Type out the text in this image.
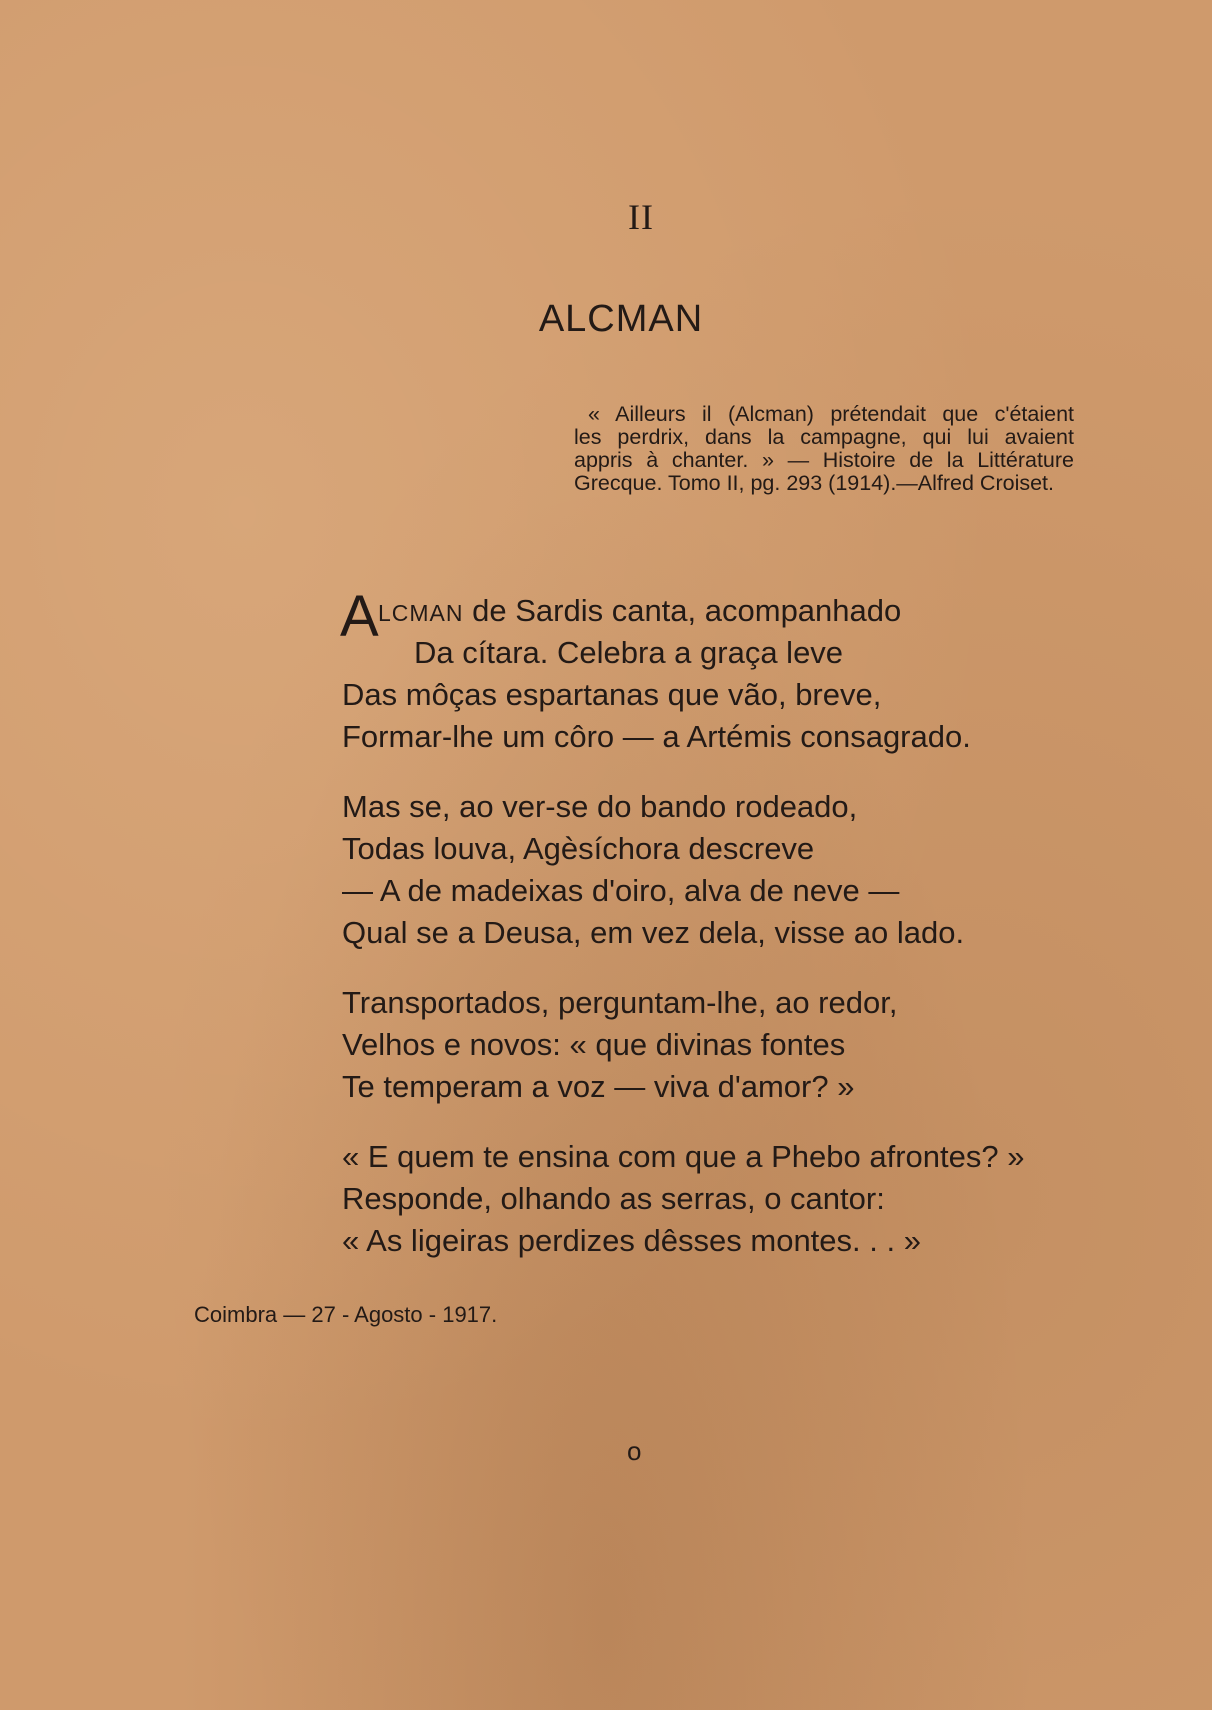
II
ALCMAN
« Ailleurs il (Alcman) prétendait que c'étaient
les perdrix, dans la campagne, qui lui avaient
appris à chanter. » — Histoire de la Littérature
Grecque. Tomo II, pg. 293 (1914).—Alfred Croiset.
A LCMAN de Sardis canta, acompanhado
Da cítara. Celebra a graça leve
Das môças espartanas que vão, breve,
Formar-lhe um côro — a Artémis consagrado.
Mas se, ao ver-se do bando rodeado,
Todas louva, Agèsíchora descreve
— A de madeixas d'oiro, alva de neve —
Qual se a Deusa, em vez dela, visse ao lado.
Transportados, perguntam-lhe, ao redor,
Velhos e novos: « que divinas fontes
Te temperam a voz — viva d'amor? »
« E quem te ensina com que a Phebo afrontes? »
Responde, olhando as serras, o cantor:
« As ligeiras perdizes dêsses montes. . . »
Coimbra — 27 - Agosto - 1917.
o
